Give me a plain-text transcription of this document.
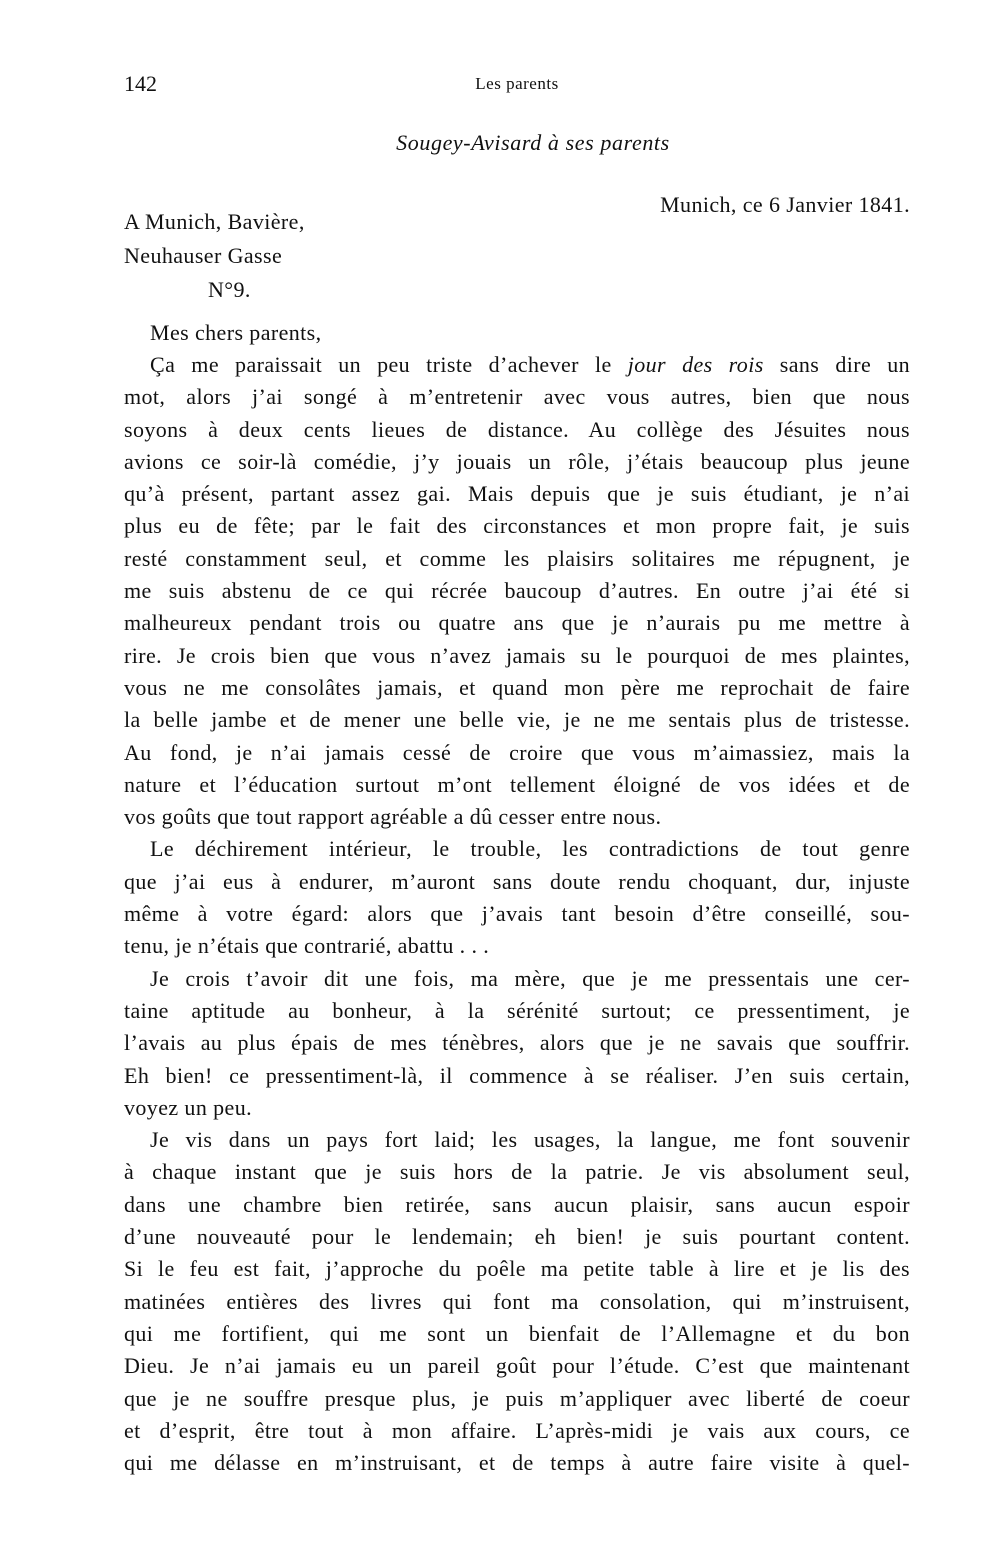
142	Les parents
Sougey-Avisard à ses parents
Munich, ce 6 Janvier 1841.
A Munich, Bavière,
Neuhauser Gasse
N°9.
Mes chers parents,
Ça me paraissait un peu triste d’achever le jour des rois sans dire un
mot, alors j’ai songé à m’entretenir avec vous autres, bien que nous
soyons à deux cents lieues de distance. Au collège des Jésuites nous
avions ce soir-là comédie, j’y jouais un rôle, j’étais beaucoup plus jeune
qu’à présent, partant assez gai. Mais depuis que je suis étudiant, je n’ai
plus eu de fête; par le fait des circonstances et mon propre fait, je suis
resté constamment seul, et comme les plaisirs solitaires me répugnent, je
me suis abstenu de ce qui récrée baucoup d’autres. En outre j’ai été si
malheureux pendant trois ou quatre ans que je n’aurais pu me mettre à
rire. Je crois bien que vous n’avez jamais su le pourquoi de mes plaintes,
vous ne me consolâtes jamais, et quand mon père me reprochait de faire
la belle jambe et de mener une belle vie, je ne me sentais plus de tristesse.
Au fond, je n’ai jamais cessé de croire que vous m’aimassiez, mais la
nature et l’éducation surtout m’ont tellement éloigné de vos idées et de
vos goûts que tout rapport agréable a dû cesser entre nous.
Le déchirement intérieur, le trouble, les contradictions de tout genre
que j’ai eus à endurer, m’auront sans doute rendu choquant, dur, injuste
même à votre égard: alors que j’avais tant besoin d’être conseillé, sou-
tenu, je n’étais que contrarié, abattu . . .
Je crois t’avoir dit une fois, ma mère, que je me pressentais une cer-
taine aptitude au bonheur, à la sérénité surtout; ce pressentiment, je
l’avais au plus épais de mes ténèbres, alors que je ne savais que souffrir.
Eh bien! ce pressentiment-là, il commence à se réaliser. J’en suis certain,
voyez un peu.
Je vis dans un pays fort laid; les usages, la langue, me font souvenir
à chaque instant que je suis hors de la patrie. Je vis absolument seul,
dans une chambre bien retirée, sans aucun plaisir, sans aucun espoir
d’une nouveauté pour le lendemain; eh bien! je suis pourtant content.
Si le feu est fait, j’approche du poêle ma petite table à lire et je lis des
matinées entières des livres qui font ma consolation, qui m’instruisent,
qui me fortifient, qui me sont un bienfait de l’Allemagne et du bon
Dieu. Je n’ai jamais eu un pareil goût pour l’étude. C’est que maintenant
que je ne souffre presque plus, je puis m’appliquer avec liberté de coeur
et d’esprit, être tout à mon affaire. L’après-midi je vais aux cours, ce
qui me délasse en m’instruisant, et de temps à autre faire visite à quel-
